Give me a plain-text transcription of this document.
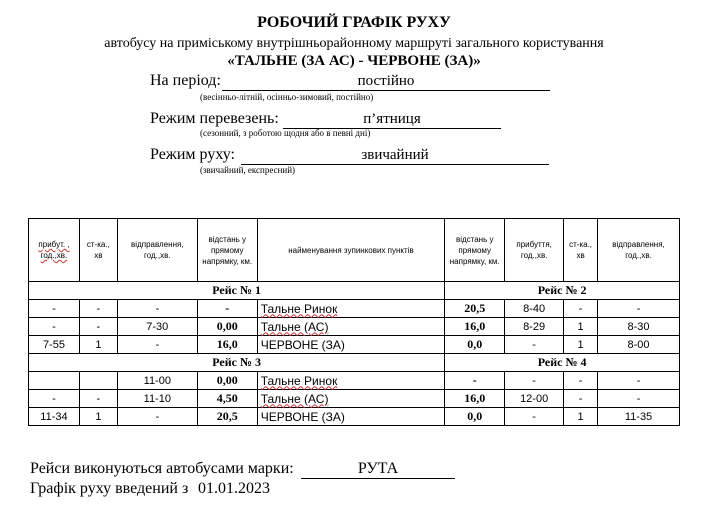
РОБОЧИЙ ГРАФІК РУХУ
автобусу на приміському внутрішньорайонному маршруті загального користування
«ТАЛЬНЕ (ЗА АС) - ЧЕРВОНЕ (ЗА)»
На період:	постійно
(весінньо-літній, осінньо-зимовий, постійно)
Режим перевезень:	п’ятниця
(сезонний, з роботою щодня або в певні дні)
Режим руху:	звичайний
(звичайний, експресний)
прибут. , год.,хв.	ст-ка., хв	відправлення, год.,хв.	відстань у прямому напрямку, км.	найменування зупинкових пунктів	відстань у прямому напрямку, км.	прибуття, год.,хв.	ст-ка., хв	відправлення, год.,хв.
Рейс № 1					Рейс № 2			
-	-	-	-	Тальне Ринок	20,5	8-40	-	-
-	-	7-30	0,00	Тальне (АС)	16,0	8-29	1	8-30
7-55	1	-	16,0	ЧЕРВОНЕ (ЗА)	0,0	-	1	8-00
Рейс № 3					Рейс № 4			
		11-00	0,00	Тальне Ринок	-	-	-	-
-	-	11-10	4,50	Тальне (АС)	16,0	12-00	-	-
11-34	1	-	20,5	ЧЕРВОНЕ (ЗА)	0,0	-	1	11-35
Рейси виконуються автобусами марки:	РУТА
Графік руху введений з 01.01.2023
